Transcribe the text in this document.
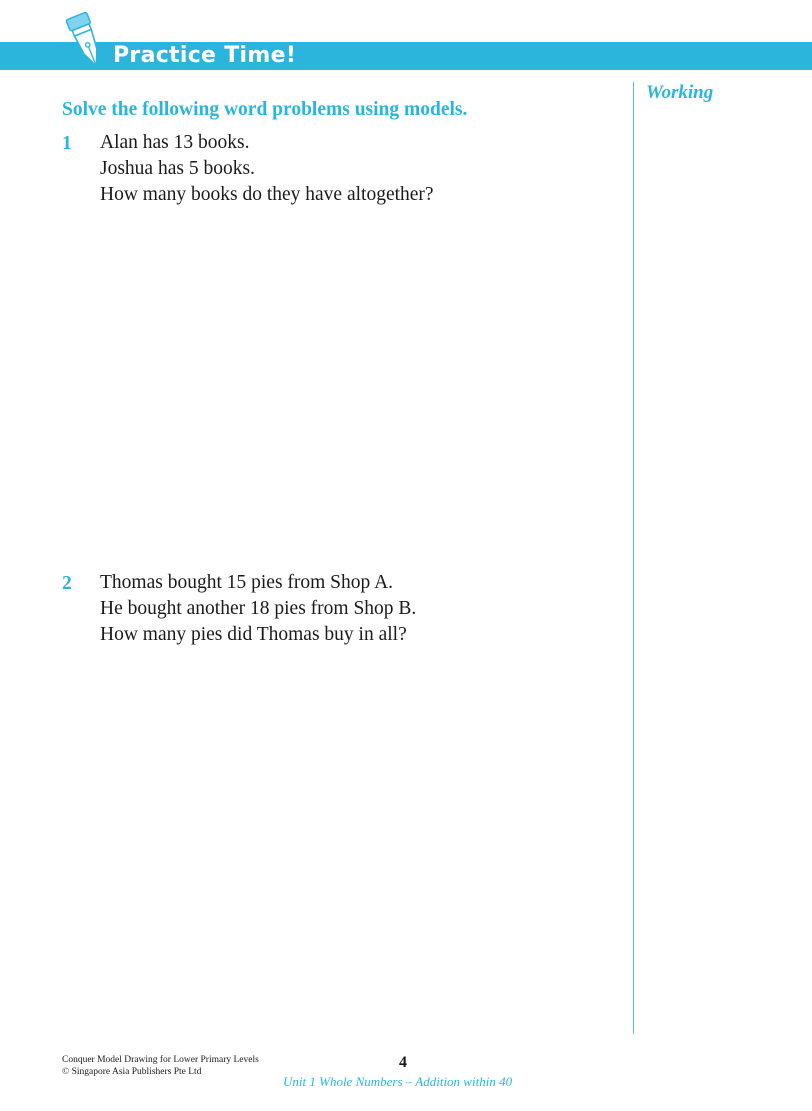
Practice Time!
Working
Solve the following word problems using models.
1 Alan has 13 books.
Joshua has 5 books.
How many books do they have altogether?
2 Thomas bought 15 pies from Shop A.
He bought another 18 pies from Shop B.
How many pies did Thomas buy in all?
Conquer Model Drawing for Lower Primary Levels
© Singapore Asia Publishers Pte Ltd
4
Unit 1 Whole Numbers – Addition within 40
